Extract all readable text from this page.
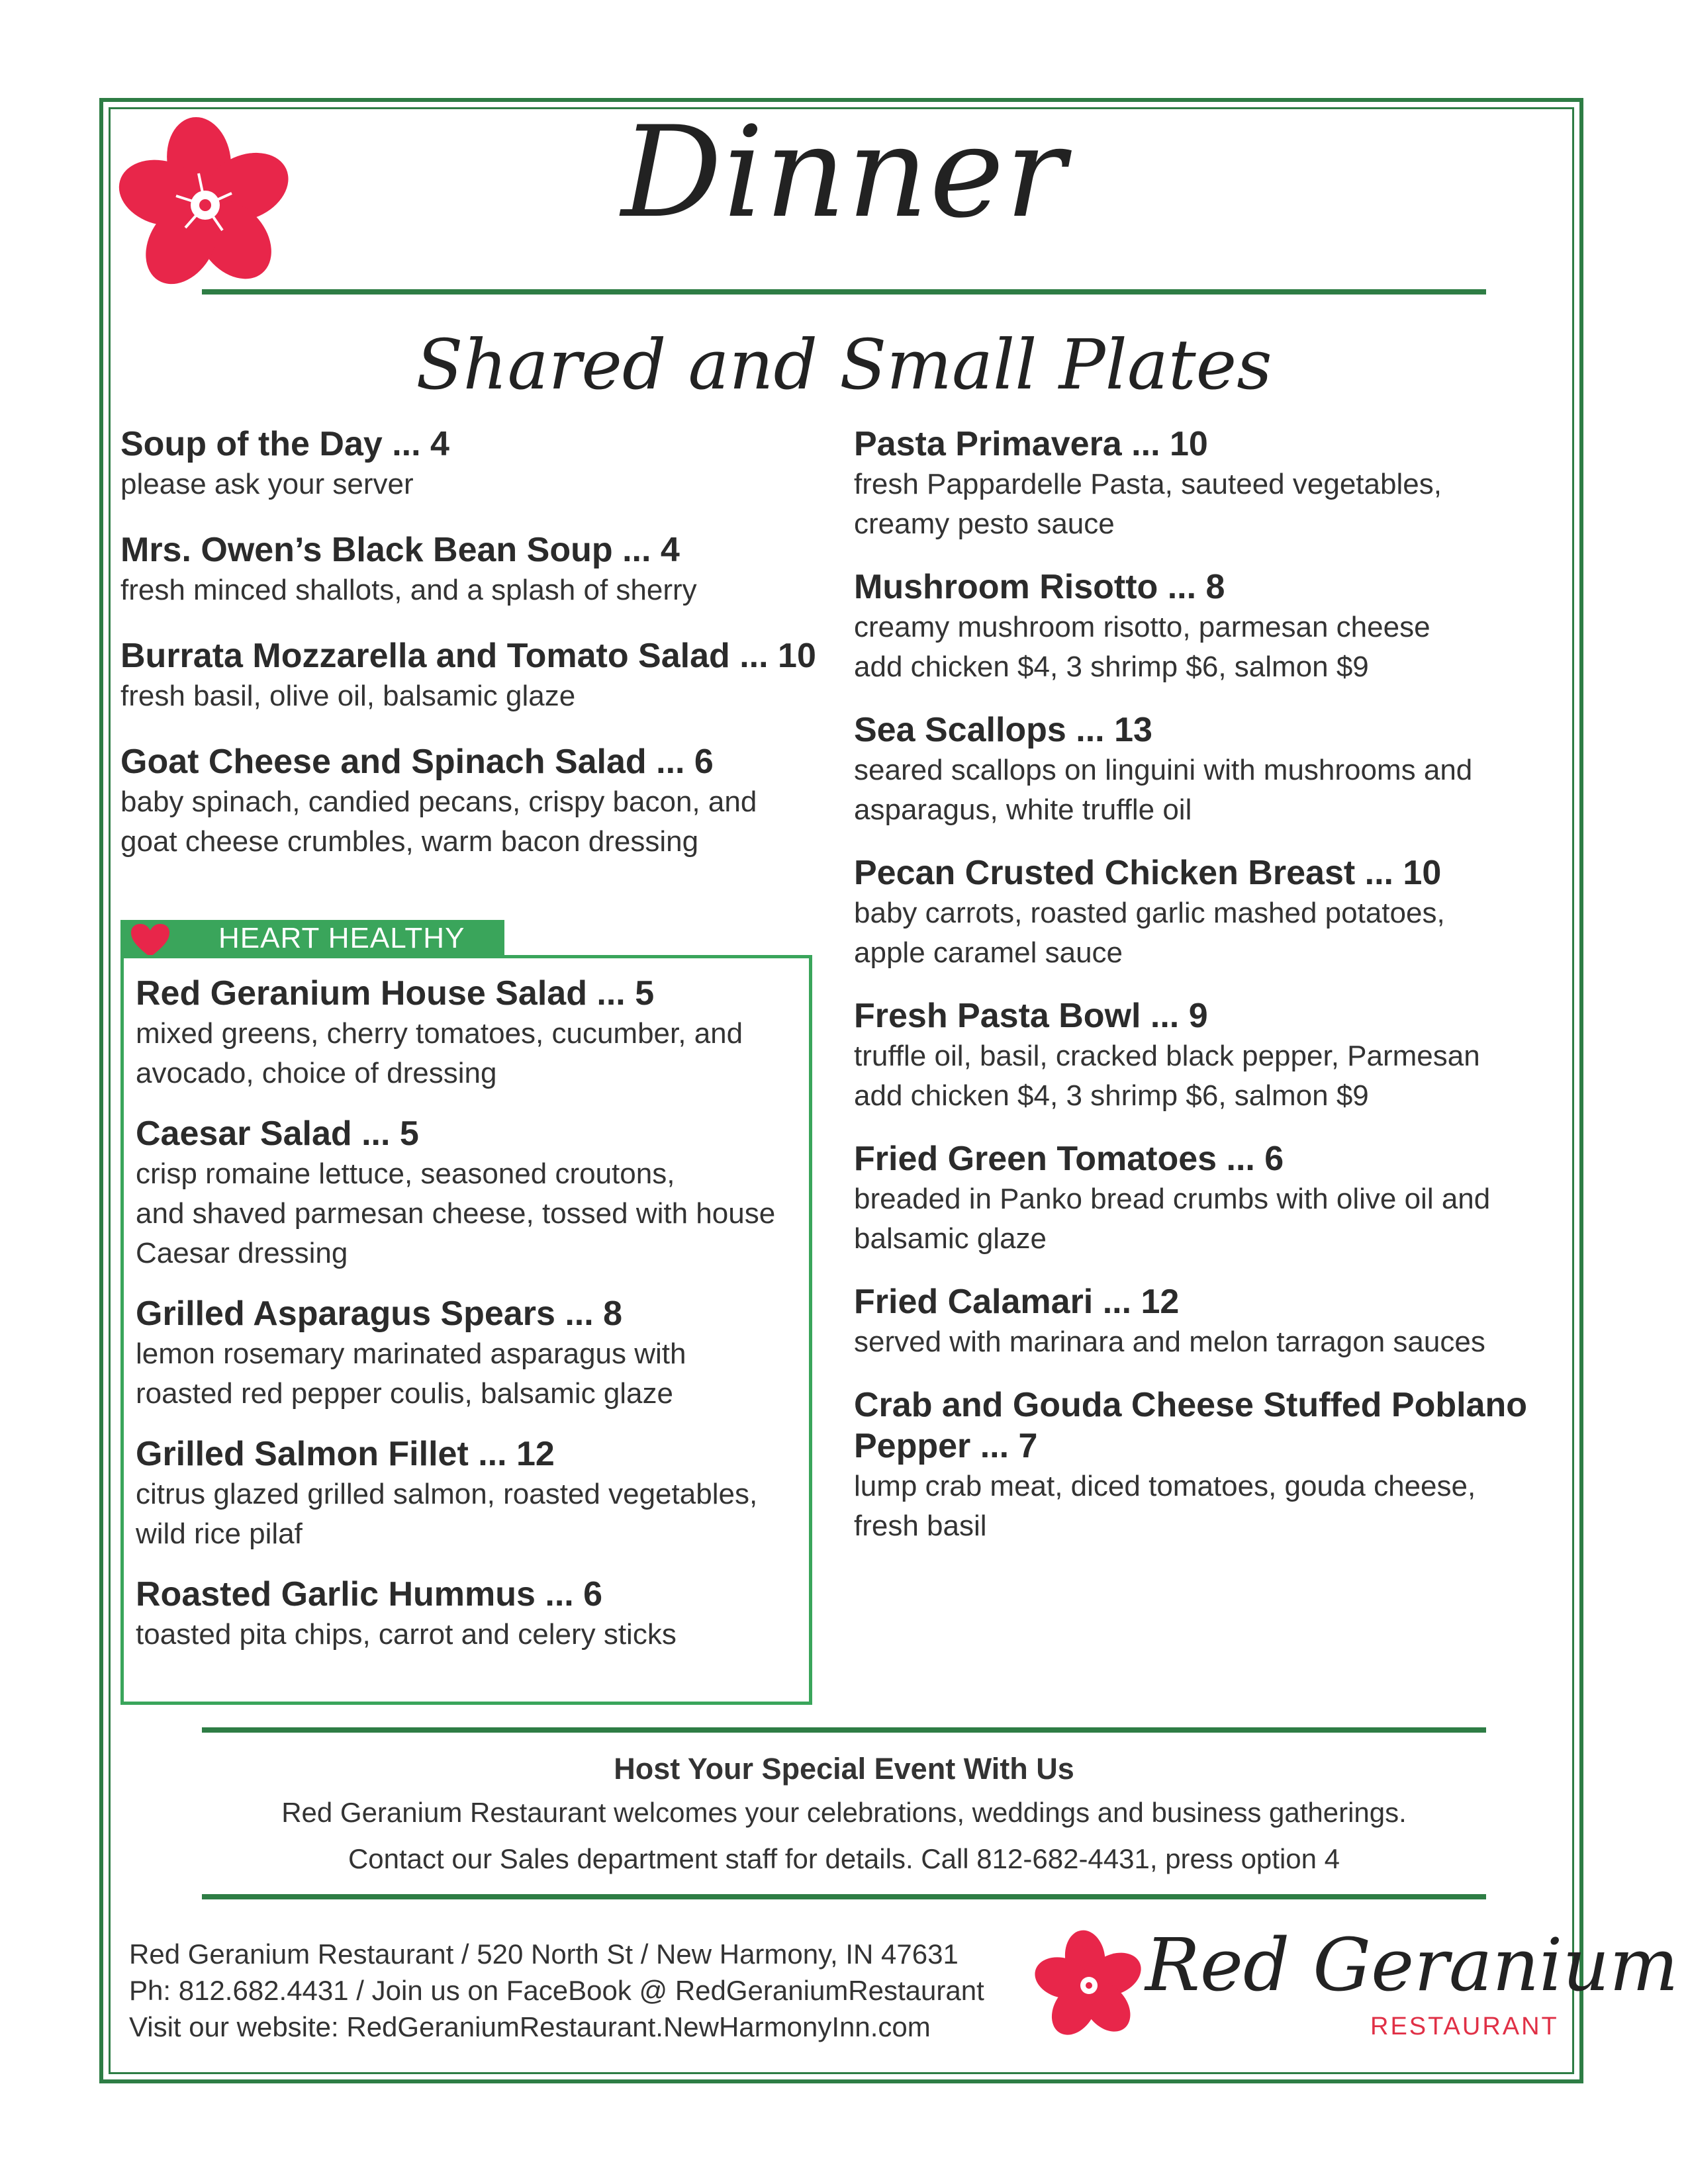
Dinner
Shared and Small Plates
Soup of the Day ... 4
please ask your server
Mrs. Owen’s Black Bean Soup ... 4
fresh minced shallots, and a splash of sherry
Burrata Mozzarella and Tomato Salad ... 10
fresh basil, olive oil, balsamic glaze
Goat Cheese and Spinach Salad ... 6
baby spinach, candied pecans, crispy bacon, and
goat cheese crumbles, warm bacon dressing
HEART HEALTHY
Red Geranium House Salad ... 5
mixed greens, cherry tomatoes, cucumber, and
avocado, choice of dressing
Caesar Salad ... 5
crisp romaine lettuce, seasoned croutons,
and shaved parmesan cheese, tossed with house
Caesar dressing
Grilled Asparagus Spears ... 8
lemon rosemary marinated asparagus with
roasted red pepper coulis, balsamic glaze
Grilled Salmon Fillet ... 12
citrus glazed grilled salmon, roasted vegetables,
wild rice pilaf
Roasted Garlic Hummus ... 6
toasted pita chips, carrot and celery sticks
Pasta Primavera ... 10
fresh Pappardelle Pasta, sauteed vegetables,
creamy pesto sauce
Mushroom Risotto ... 8
creamy mushroom risotto, parmesan cheese
add chicken $4, 3 shrimp $6, salmon $9
Sea Scallops ... 13
seared scallops on linguini with mushrooms and
asparagus, white truffle oil
Pecan Crusted Chicken Breast ... 10
baby carrots, roasted garlic mashed potatoes,
apple caramel sauce
Fresh Pasta Bowl ... 9
truffle oil, basil, cracked black pepper, Parmesan
add chicken $4, 3 shrimp $6, salmon $9
Fried Green Tomatoes ... 6
breaded in Panko bread crumbs with olive oil and
balsamic glaze
Fried Calamari ... 12
served with marinara and melon tarragon sauces
Crab and Gouda Cheese Stuffed Poblano Pepper ... 7
lump crab meat, diced tomatoes, gouda cheese,
fresh basil
Host Your Special Event With Us
Red Geranium Restaurant welcomes your celebrations, weddings and business gatherings.
Contact our Sales department staff for details. Call 812-682-4431, press option 4
Red Geranium Restaurant / 520 North St / New Harmony, IN 47631
Ph: 812.682.4431 / Join us on FaceBook @ RedGeraniumRestaurant
Visit our website: RedGeraniumRestaurant.NewHarmonyInn.com
Red Geranium
RESTAURANT
